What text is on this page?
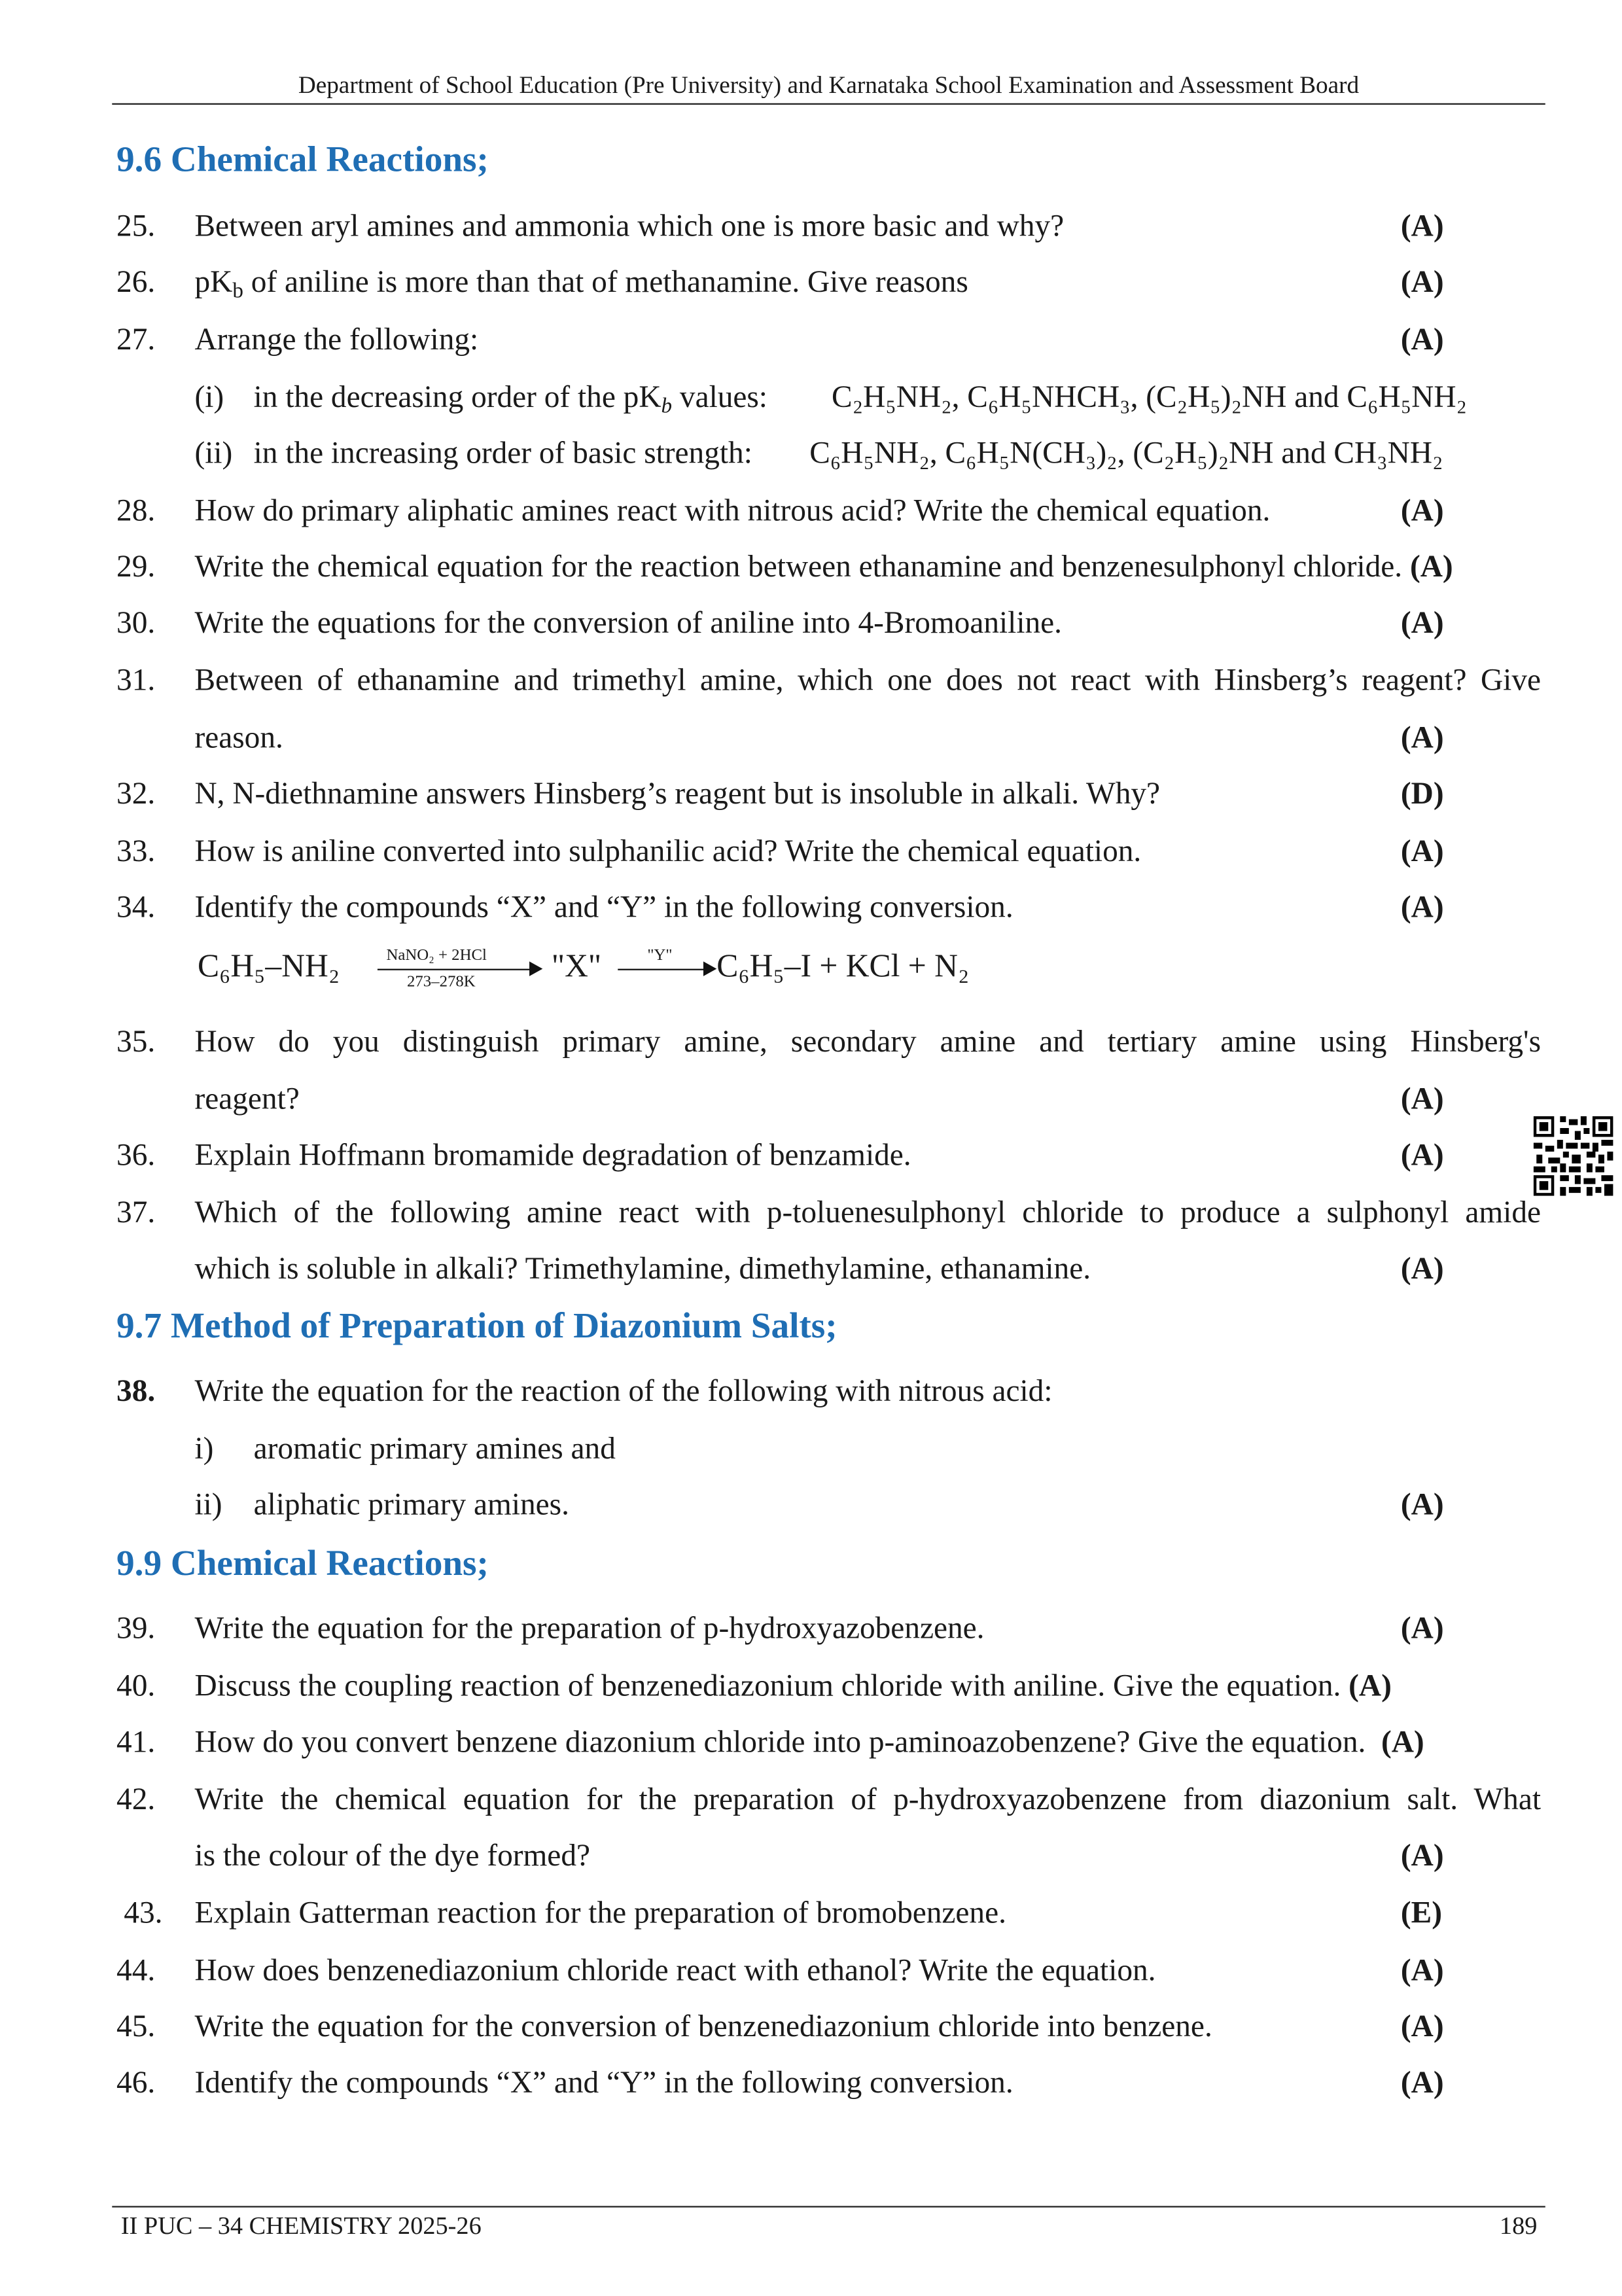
Department of School Education (Pre University) and Karnataka School Examination and Assessment Board
9.6 Chemical Reactions;
25.	Between aryl amines and ammonia which one is more basic and why?	(A)
26.	$pK_b$ of aniline is more than that of methanamine. Give reasons	(A)
27.	Arrange the following:	(A)
(i) in the decreasing order of the $pK_b$ values:	C₂H₅NH₂, C₆H₅NHCH₃, (C₂H₅)₂NH and C₆H₅NH₂
(ii) in the increasing order of basic strength:	C₆H₅NH₂, C₆H₅N(CH₃)₂, (C₂H₅)₂NH and CH₃NH₂
28.	How do primary aliphatic amines react with nitrous acid? Write the chemical equation.	(A)
29.	Write the chemical equation for the reaction between ethanamine and benzenesulphonyl chloride. (A)
30.	Write the equations for the conversion of aniline into 4-Bromoaniline.	(A)
31.	Between of ethanamine and trimethyl amine, which one does not react with Hinsberg’s reagent? Give
reason.	(A)
32.	N, N-diethnamine answers Hinsberg’s reagent but is insoluble in alkali. Why?	(D)
33.	How is aniline converted into sulphanilic acid? Write the chemical equation.	(A)
34.	Identify the compounds “X” and “Y” in the following conversion.	(A)
C₆H₅–NH₂	NaNO₂ + 2HCl
273–278K	"X"	"Y"	C₆H₅–I + KCl + N₂
35.	How do you distinguish primary amine, secondary amine and tertiary amine using Hinsberg's
reagent?	(A)
36.	Explain Hoffmann bromamide degradation of benzamide.	(A)
37.	Which of the following amine react with p-toluenesulphonyl chloride to produce a sulphonyl amide
which is soluble in alkali? Trimethylamine, dimethylamine, ethanamine.	(A)
9.7 Method of Preparation of Diazonium Salts;
38.	Write the equation for the reaction of the following with nitrous acid:
i)	aromatic primary amines and
ii) aliphatic primary amines.	(A)
9.9 Chemical Reactions;
39.	Write the equation for the preparation of p-hydroxyazobenzene.	(A)
40.	Discuss the coupling reaction of benzenediazonium chloride with aniline. Give the equation. (A)
41.	How do you convert benzene diazonium chloride into p-aminoazobenzene? Give the equation. (A)
42.	Write the chemical equation for the preparation of p-hydroxyazobenzene from diazonium salt. What
is the colour of the dye formed?	(A)
43. Explain Gatterman reaction for the preparation of bromobenzene.	(E)
44.	How does benzenediazonium chloride react with ethanol? Write the equation.	(A)
45.	Write the equation for the conversion of benzenediazonium chloride into benzene.	(A)
46.	Identify the compounds “X” and “Y” in the following conversion.	(A)
II PUC – 34 CHEMISTRY 2025-26	189
